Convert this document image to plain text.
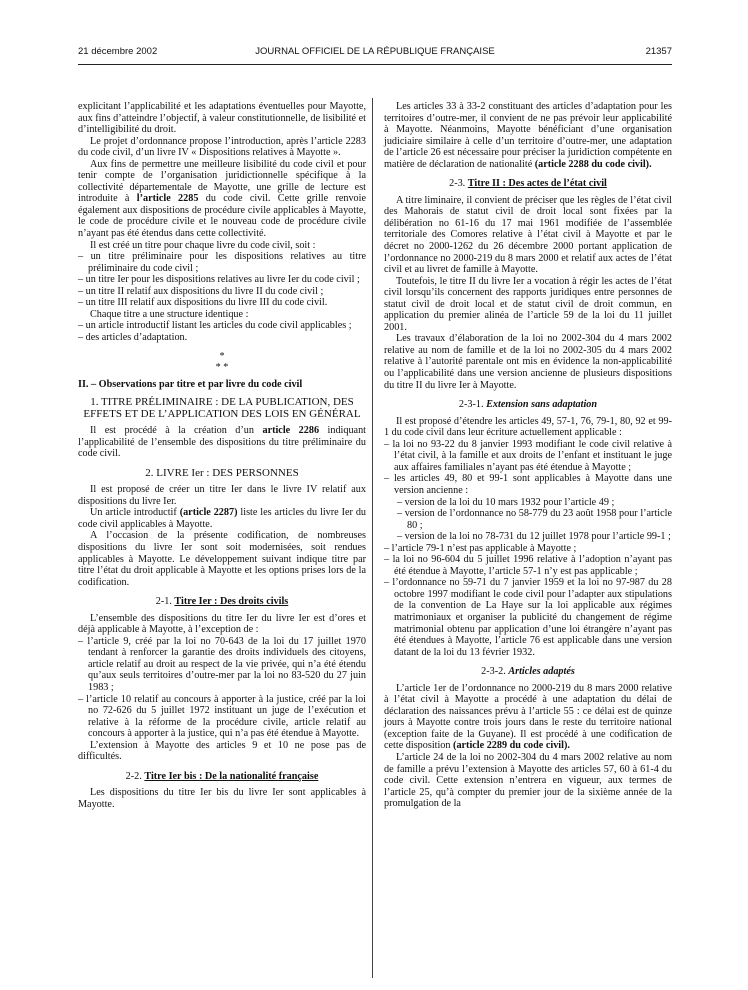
21 décembre 2002	JOURNAL OFFICIEL DE LA RÉPUBLIQUE FRANÇAISE	21357

explicitant l’applicabilité et les adaptations éventuelles pour Mayotte, aux fins d’atteindre l’objectif, à valeur constitutionnelle, de lisibilité et d’intelligibilité du droit.

Le projet d’ordonnance propose l’introduction, après l’article 2283 du code civil, d’un livre IV « Dispositions relatives à Mayotte ».

Aux fins de permettre une meilleure lisibilité du code civil et pour tenir compte de l’organisation juridictionnelle spécifique à la collectivité départementale de Mayotte, une grille de lecture est introduite à l’article 2285 du code civil. Cette grille renvoie également aux dispositions de procédure civile applicables à Mayotte, le code de procédure civile et le nouveau code de procédure civile n’ayant pas été étendus dans cette collectivité.

Il est créé un titre pour chaque livre du code civil, soit :

– un titre préliminaire pour les dispositions relatives au titre préliminaire du code civil ;

– un titre Ier pour les dispositions relatives au livre Ier du code civil ;

– un titre II relatif aux dispositions du livre II du code civil ;

– un titre III relatif aux dispositions du livre III du code civil.

Chaque titre a une structure identique :

– un article introductif listant les articles du code civil applicables ;

– des articles d’adaptation.

*
* *

II. – Observations par titre et par livre du code civil

1. TITRE PRÉLIMINAIRE : DE LA PUBLICATION, DES EFFETS ET DE L’APPLICATION DES LOIS EN GÉNÉRAL

Il est procédé à la création d’un article 2286 indiquant l’applicabilité de l’ensemble des dispositions du titre préliminaire du code civil.

2. LIVRE Ier : DES PERSONNES

Il est proposé de créer un titre Ier dans le livre IV relatif aux dispositions du livre Ier.

Un article introductif (article 2287) liste les articles du livre Ier du code civil applicables à Mayotte.

A l’occasion de la présente codification, de nombreuses dispositions du livre Ier sont soit modernisées, soit rendues applicables à Mayotte. Le développement suivant indique titre par titre l’état du droit applicable à Mayotte et les options prises lors de la codification.

2-1. Titre Ier : Des droits civils

L’ensemble des dispositions du titre Ier du livre Ier est d’ores et déjà applicable à Mayotte, à l’exception de :

– l’article 9, créé par la loi no 70-643 de la loi du 17 juillet 1970 tendant à renforcer la garantie des droits individuels des citoyens, article relatif au droit au respect de la vie privée, qui n’a été étendu qu’aux seuls territoires d’outre-mer par la loi no 83-520 du 27 juin 1983 ;

– l’article 10 relatif au concours à apporter à la justice, créé par la loi no 72-626 du 5 juillet 1972 instituant un juge de l’exécution et relative à la réforme de la procédure civile, article relatif au concours à apporter à la justice, qui n’a pas été étendue à Mayotte.

L’extension à Mayotte des articles 9 et 10 ne pose pas de difficultés.

2-2. Titre Ier bis : De la nationalité française

Les dispositions du titre Ier bis du livre Ier sont applicables à Mayotte.

Les articles 33 à 33-2 constituant des articles d’adaptation pour les territoires d’outre-mer, il convient de ne pas prévoir leur applicabilité à Mayotte. Néanmoins, Mayotte bénéficiant d’une organisation judiciaire similaire à celle d’un territoire d’outre-mer, une adaptation de l’article 26 est nécessaire pour préciser la juridiction compétente en matière de déclaration de nationalité (article 2288 du code civil).

2-3. Titre II : Des actes de l’état civil

A titre liminaire, il convient de préciser que les règles de l’état civil des Mahorais de statut civil de droit local sont fixées par la délibération no 61-16 du 17 mai 1961 modifiée de l’assemblée territoriale des Comores relative à l’état civil à Mayotte et par le décret no 2000-1262 du 26 décembre 2000 portant application de l’ordonnance no 2000-219 du 8 mars 2000 et relatif aux actes de l’état civil et au livret de famille à Mayotte.

Toutefois, le titre II du livre Ier a vocation à régir les actes de l’état civil lorsqu’ils concernent des rapports juridiques entre personnes de statut civil de droit local et de statut civil de droit commun, en application du premier alinéa de l’article 59 de la loi du 11 juillet 2001.

Les travaux d’élaboration de la loi no 2002-304 du 4 mars 2002 relative au nom de famille et de la loi no 2002-305 du 4 mars 2002 relative à l’autorité parentale ont mis en évidence la non-applicabilité ou l’applicabilité dans une version ancienne de plusieurs dispositions du titre II du livre Ier à Mayotte.

2-3-1. Extension sans adaptation

Il est proposé d’étendre les articles 49, 57-1, 76, 79-1, 80, 92 et 99-1 du code civil dans leur écriture actuellement applicable :

– la loi no 93-22 du 8 janvier 1993 modifiant le code civil relative à l’état civil, à la famille et aux droits de l’enfant et instituant le juge aux affaires familiales n’ayant pas été étendue à Mayotte ;

– les articles 49, 80 et 99-1 sont applicables à Mayotte dans une version ancienne :

– version de la loi du 10 mars 1932 pour l’article 49 ;

– version de l’ordonnance no 58-779 du 23 août 1958 pour l’article 80 ;

– version de la loi no 78-731 du 12 juillet 1978 pour l’article 99-1 ;

– l’article 79-1 n’est pas applicable à Mayotte ;

– la loi no 96-604 du 5 juillet 1996 relative à l’adoption n’ayant pas été étendue à Mayotte, l’article 57-1 n’y est pas applicable ;

– l’ordonnance no 59-71 du 7 janvier 1959 et la loi no 97-987 du 28 octobre 1997 modifiant le code civil pour l’adapter aux stipulations de la convention de La Haye sur la loi applicable aux régimes matrimoniaux et organiser la publicité du changement de régime matrimonial obtenu par application d’une loi étrangère n’ayant pas été étendues à Mayotte, l’article 76 est applicable dans une version datant de la loi du 13 février 1932.

2-3-2. Articles adaptés

L’article 1er de l’ordonnance no 2000-219 du 8 mars 2000 relative à l’état civil à Mayotte a procédé à une adaptation du délai de déclaration des naissances prévu à l’article 55 : ce délai est de quinze jours à Mayotte contre trois jours dans le reste du territoire national (exception faite de la Guyane). Il est procédé à une codification de cette disposition (article 2289 du code civil).

L’article 24 de la loi no 2002-304 du 4 mars 2002 relative au nom de famille a prévu l’extension à Mayotte des articles 57, 60 à 61-4 du code civil. Cette extension n’entrera en vigueur, aux termes de l’article 25, qu’à compter du premier jour de la sixième année de la promulgation de la
